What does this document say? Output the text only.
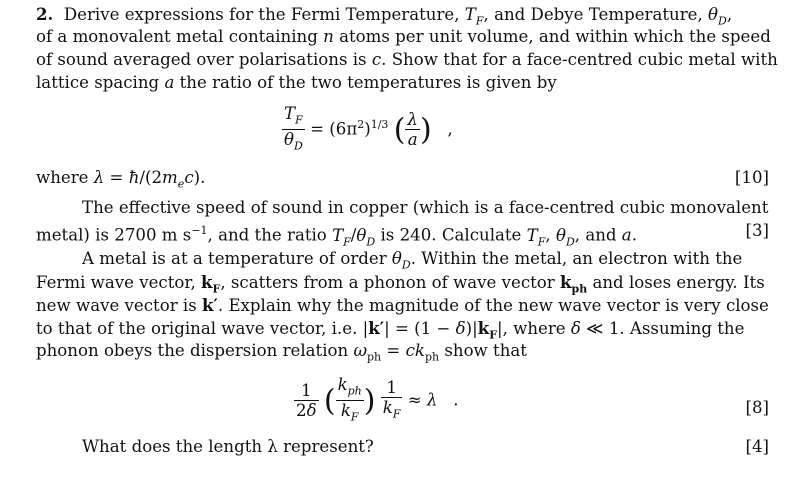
2.  Derive expressions for the Fermi Temperature, $T_F$, and Debye Temperature, $\theta_D$,
of a monovalent metal containing n atoms per unit volume, and within which the speed
of sound averaged over polarisations is c. Show that for a face-centred cubic metal with
lattice spacing a the ratio of the two temperatures is given by
$\frac{T_F}{\theta_D} = (6\pi^2)^{1/3}$ ( $\frac{\lambda}{a}$ )   ,
where $\lambda = ħ/(2m_ec)$.	[10]
The effective speed of sound in copper (which is a face-centred cubic monovalent
metal) is 2700 m $s^{-1}$, and the ratio $T_F/\theta_D$ is 240. Calculate $T_F$, $\theta_D$, and a.	[3]
A metal is at a temperature of order $\theta_D$. Within the metal, an electron with the
Fermi wave vector, $k_F$, scatters from a phonon of wave vector $k_{ph}$ and loses energy. Its
new wave vector is k′. Explain why the magnitude of the new wave vector is very close
to that of the original wave vector, i.e. $|k'| = (1 - \delta)|k_F|$, where δ ≪ 1. Assuming the
phonon obeys the dispersion relation $\omega_{ph} = ck_{ph}$ show that
$\frac{1}{2\delta}$ ( $\frac{k_{ph}}{k_F}$ ) $\frac{1}{k_F} \approx \lambda$   .	[8]
What does the length λ represent?	[4]
